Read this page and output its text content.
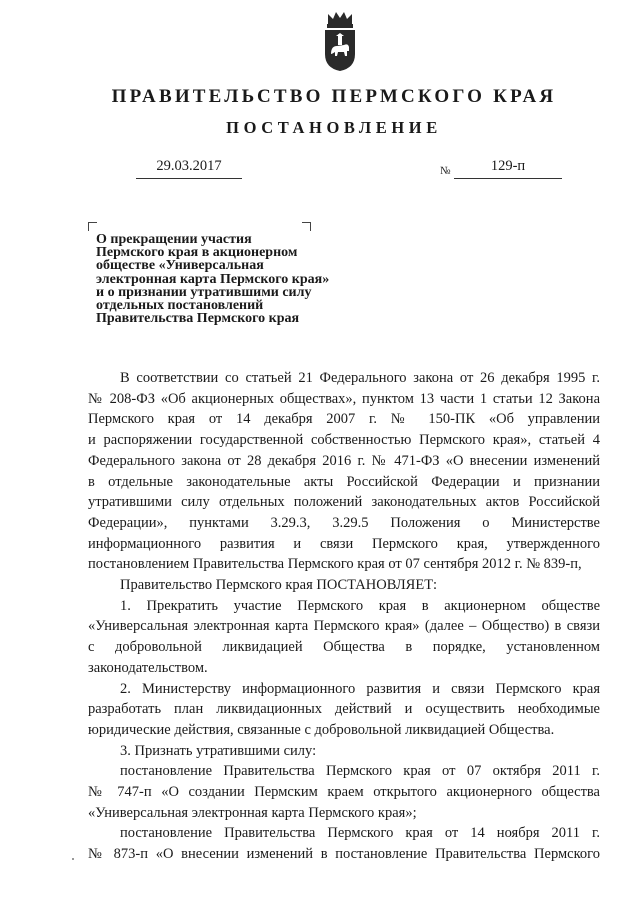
ПРАВИТЕЛЬСТВО ПЕРМСКОГО КРАЯ
ПОСТАНОВЛЕНИЕ
29.03.2017	№	129-п
О прекращении участия
Пермского края в акционерном
обществе «Универсальная
электронная карта Пермского края»
и о признании утратившими силу
отдельных постановлений
Правительства Пермского края

В соответствии со статьей 21 Федерального закона от 26 декабря 1995 г.
№ 208-ФЗ «Об акционерных обществах», пунктом 13 части 1 статьи 12 Закона
Пермского края от 14 декабря 2007 г. № 150-ПК «Об управлении
и распоряжении государственной собственностью Пермского края», статьей 4
Федерального закона от 28 декабря 2016 г. № 471-ФЗ «О внесении изменений
в отдельные законодательные акты Российской Федерации и признании
утратившими силу отдельных положений законодательных актов Российской
Федерации», пунктами 3.29.3, 3.29.5 Положения о Министерстве
информационного развития и связи Пермского края, утвержденного
постановлением Правительства Пермского края от 07 сентября 2012 г. № 839-п,

Правительство Пермского края ПОСТАНОВЛЯЕТ:

1. Прекратить участие Пермского края в акционерном обществе
«Универсальная электронная карта Пермского края» (далее – Общество) в связи
с добровольной ликвидацией Общества в порядке, установленном
законодательством.

2. Министерству информационного развития и связи Пермского края
разработать план ликвидационных действий и осуществить необходимые
юридические действия, связанные с добровольной ликвидацией Общества.

3. Признать утратившими силу:

постановление Правительства Пермского края от 07 октября 2011 г.
№ 747-п «О создании Пермским краем открытого акционерного общества
«Универсальная электронная карта Пермского края»;

постановление Правительства Пермского края от 14 ноября 2011 г.
№ 873-п «О внесении изменений в постановление Правительства Пермского
